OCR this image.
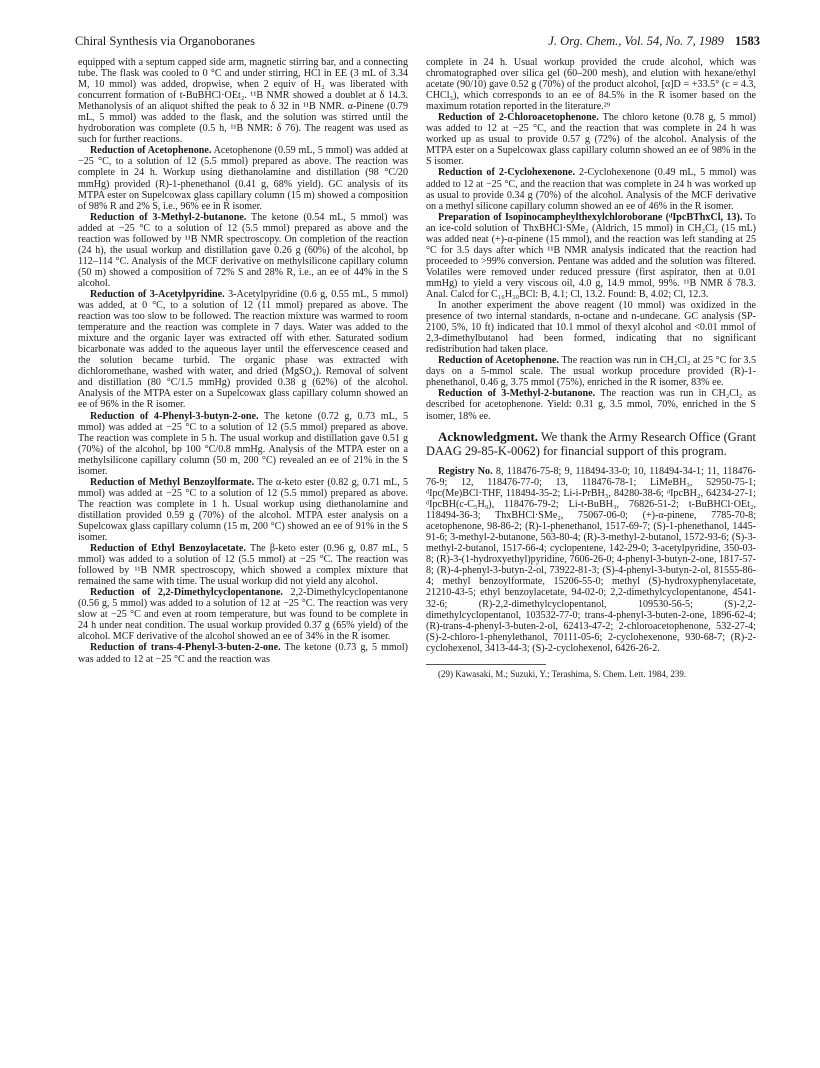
Chiral Synthesis via Organoboranes	J. Org. Chem., Vol. 54, No. 7, 1989 1583

equipped with a septum capped side arm, magnetic stirring bar, and a connecting tube. The flask was cooled to 0 °C and under stirring, HCl in EE (3 mL of 3.34 M, 10 mmol) was added, dropwise, when 2 equiv of H₂ was liberated with concurrent formation of t-BuBHCl·OEt₂. ¹¹B NMR showed a doublet at δ 14.3. Methanolysis of an aliquot shifted the peak to δ 32 in ¹¹B NMR. α-Pinene (0.79 mL, 5 mmol) was added to the flask, and the solution was stirred until the hydroboration was complete (0.5 h, ¹¹B NMR: δ 76). The reagent was used as such for further reactions.

Reduction of Acetophenone. Acetophenone (0.59 mL, 5 mmol) was added at −25 °C, to a solution of 12 (5.5 mmol) prepared as above. The reaction was complete in 24 h. Workup using diethanolamine and distillation (98 °C/20 mmHg) provided (R)-1-phenethanol (0.41 g, 68% yield). GC analysis of its MTPA ester on Supelcowax glass capillary column (15 m) showed a composition of 98% R and 2% S, i.e., 96% ee in R isomer.

Reduction of 3-Methyl-2-butanone. The ketone (0.54 mL, 5 mmol) was added at −25 °C to a solution of 12 (5.5 mmol) prepared as above and the reaction was followed by ¹¹B NMR spectroscopy. On completion of the reaction (24 h), the usual workup and distillation gave 0.26 g (60%) of the alcohol, bp 112–114 °C. Analysis of the MCF derivative on methylsilicone capillary column (50 m) showed a composition of 72% S and 28% R, i.e., an ee of 44% in the S alcohol.

Reduction of 3-Acetylpyridine. 3-Acetylpyridine (0.6 g, 0.55 mL, 5 mmol) was added, at 0 °C, to a solution of 12 (11 mmol) prepared as above. The reaction was too slow to be followed. The reaction mixture was warmed to room temperature and the reaction was complete in 7 days. Water was added to the mixture and the organic layer was extracted off with ether. Saturated sodium bicarbonate was added to the aqueous layer until the effervescence ceased and the solution became turbid. The organic phase was extracted with dichloromethane, washed with water, and dried (MgSO₄). Removal of solvent and distillation (80 °C/1.5 mmHg) provided 0.38 g (62%) of the alcohol. Analysis of the MTPA ester on a Supelcowax glass capillary column showed an ee of 96% in the R isomer.

Reduction of 4-Phenyl-3-butyn-2-one. The ketone (0.72 g, 0.73 mL, 5 mmol) was added at −25 °C to a solution of 12 (5.5 mmol) prepared as above. The reaction was complete in 5 h. The usual workup and distillation gave 0.51 g (70%) of the alcohol, bp 100 °C/0.8 mmHg. Analysis of the MTPA ester on a methylsilicone capillary column (50 m, 200 °C) revealed an ee of 21% in the S isomer.

Reduction of Methyl Benzoylformate. The α-keto ester (0.82 g, 0.71 mL, 5 mmol) was added at −25 °C to a solution of 12 (5.5 mmol) prepared as above. The reaction was complete in 1 h. Usual workup using diethanolamine and distillation provided 0.59 g (70%) of the alcohol. MTPA ester analysis on a Supelcowax glass capillary column (15 m, 200 °C) showed an ee of 91% in the S isomer.

Reduction of Ethyl Benzoylacetate. The β-keto ester (0.96 g, 0.87 mL, 5 mmol) was added to a solution of 12 (5.5 mmol) at −25 °C. The reaction was followed by ¹¹B NMR spectroscopy, which showed a complex mixture that remained the same with time. The usual workup did not yield any alcohol.

Reduction of 2,2-Dimethylcyclopentanone. 2,2-Dimethylcyclopentanone (0.56 g, 5 mmol) was added to a solution of 12 at −25 °C. The reaction was very slow at −25 °C and even at room temperature, but was found to be complete in 24 h under neat condition. The usual workup provided 0.37 g (65% yield) of the alcohol. MCF derivative of the alcohol showed an ee of 34% in the R isomer.

Reduction of trans-4-Phenyl-3-buten-2-one. The ketone (0.73 g, 5 mmol) was added to 12 at −25 °C and the reaction was

complete in 24 h. Usual workup provided the crude alcohol, which was chromatographed over silica gel (60–200 mesh), and elution with hexane/ethyl acetate (90/10) gave 0.52 g (70%) of the product alcohol, [α]D = +33.5° (c = 4.3, CHCl₃), which corresponds to an ee of 84.5% in the R isomer based on the maximum rotation reported in the literature.²⁹

Reduction of 2-Chloroacetophenone. The chloro ketone (0.78 g, 5 mmol) was added to 12 at −25 °C, and the reaction that was complete in 24 h was worked up as usual to provide 0.57 g (72%) of the alcohol. Analysis of the MTPA ester on a Supelcowax glass capillary column showed an ee of 98% in the S isomer.

Reduction of 2-Cyclohexenone. 2-Cyclohexenone (0.49 mL, 5 mmol) was added to 12 at −25 °C, and the reaction that was complete in 24 h was worked up as usual to provide 0.34 g (70%) of the alcohol. Analysis of the MCF derivative on a methyl silicone capillary column showed an ee of 46% in the R isomer.

Preparation of Isopinocampheylthexylchloroborane (ᵈIpcBThxCl, 13). To an ice-cold solution of ThxBHCl·SMe₂ (Aldrich, 15 mmol) in CH₂Cl₂ (15 mL) was added neat (+)-α-pinene (15 mmol), and the reaction was left standing at 25 °C for 3.5 days after which ¹¹B NMR analysis indicated that the reaction had proceeded to >99% conversion. Pentane was added and the solution was filtered. Volatiles were removed under reduced pressure (first aspirator, then at 0.01 mmHg) to yield a very viscous oil, 4.0 g, 14.9 mmol, 99%. ¹¹B NMR δ 78.3. Anal. Calcd for C₁₆H₃₀BCl: B, 4.1; Cl, 13.2. Found: B, 4.02; Cl, 12.3.

In another experiment the above reagent (10 mmol) was oxidized in the presence of two internal standards, n-octane and n-undecane. GC analysis (SP-2100, 5%, 10 ft) indicated that 10.1 mmol of thexyl alcohol and <0.01 mmol of 2,3-dimethylbutanol had been formed, indicating that no significant redistribution had taken place.

Reduction of Acetophenone. The reaction was run in CH₂Cl₂ at 25 °C for 3.5 days on a 5-mmol scale. The usual workup procedure provided (R)-1-phenethanol, 0.46 g, 3.75 mmol (75%), enriched in the R isomer, 83% ee.

Reduction of 3-Methyl-2-butanone. The reaction was run in CH₂Cl₂ as described for acetophenone. Yield: 0.31 g, 3.5 mmol, 70%, enriched in the S isomer, 18% ee.

Acknowledgment. We thank the Army Research Office (Grant DAAG 29-85-K-0062) for financial support of this program.

Registry No. 8, 118476-75-8; 9, 118494-33-0; 10, 118494-34-1; 11, 118476-76-9; 12, 118476-77-0; 13, 118476-78-1; LiMeBH₃, 52950-75-1; ᵈIpc(Me)BCl·THF, 118494-35-2; Li-i-PrBH₃, 84280-38-6; ᵈIpcBH₂, 64234-27-1; ᵈIpcBH(c-C₅H₉), 118476-79-2; Li-t-BuBH₃, 76826-51-2; t-BuBHCl·OEt₂, 118494-36-3; ThxBHCl·SMe₂, 75067-06-0; (+)-α-pinene, 7785-70-8; acetophenone, 98-86-2; (R)-1-phenethanol, 1517-69-7; (S)-1-phenethanol, 1445-91-6; 3-methyl-2-butanone, 563-80-4; (R)-3-methyl-2-butanol, 1572-93-6; (S)-3-methyl-2-butanol, 1517-66-4; cyclopentene, 142-29-0; 3-acetylpyridine, 350-03-8; (R)-3-(1-hydroxyethyl)pyridine, 7606-26-0; 4-phenyl-3-butyn-2-one, 1817-57-8; (R)-4-phenyl-3-butyn-2-ol, 73922-81-3; (S)-4-phenyl-3-butyn-2-ol, 81555-86-4; methyl benzoylformate, 15206-55-0; methyl (S)-hydroxyphenylacetate, 21210-43-5; ethyl benzoylacetate, 94-02-0; 2,2-dimethylcyclopentanone, 4541-32-6; (R)-2,2-dimethylcyclopentanol, 109530-56-5; (S)-2,2-dimethylcyclopentanol, 103532-77-0; trans-4-phenyl-3-buten-2-one, 1896-62-4; (R)-trans-4-phenyl-3-buten-2-ol, 62413-47-2; 2-chloroacetophenone, 532-27-4; (S)-2-chloro-1-phenylethanol, 70111-05-6; 2-cyclohexenone, 930-68-7; (R)-2-cyclohexenol, 3413-44-3; (S)-2-cyclohexenol, 6426-26-2.

(29) Kawasaki, M.; Suzuki, Y.; Terashima, S. Chem. Lett. 1984, 239.
